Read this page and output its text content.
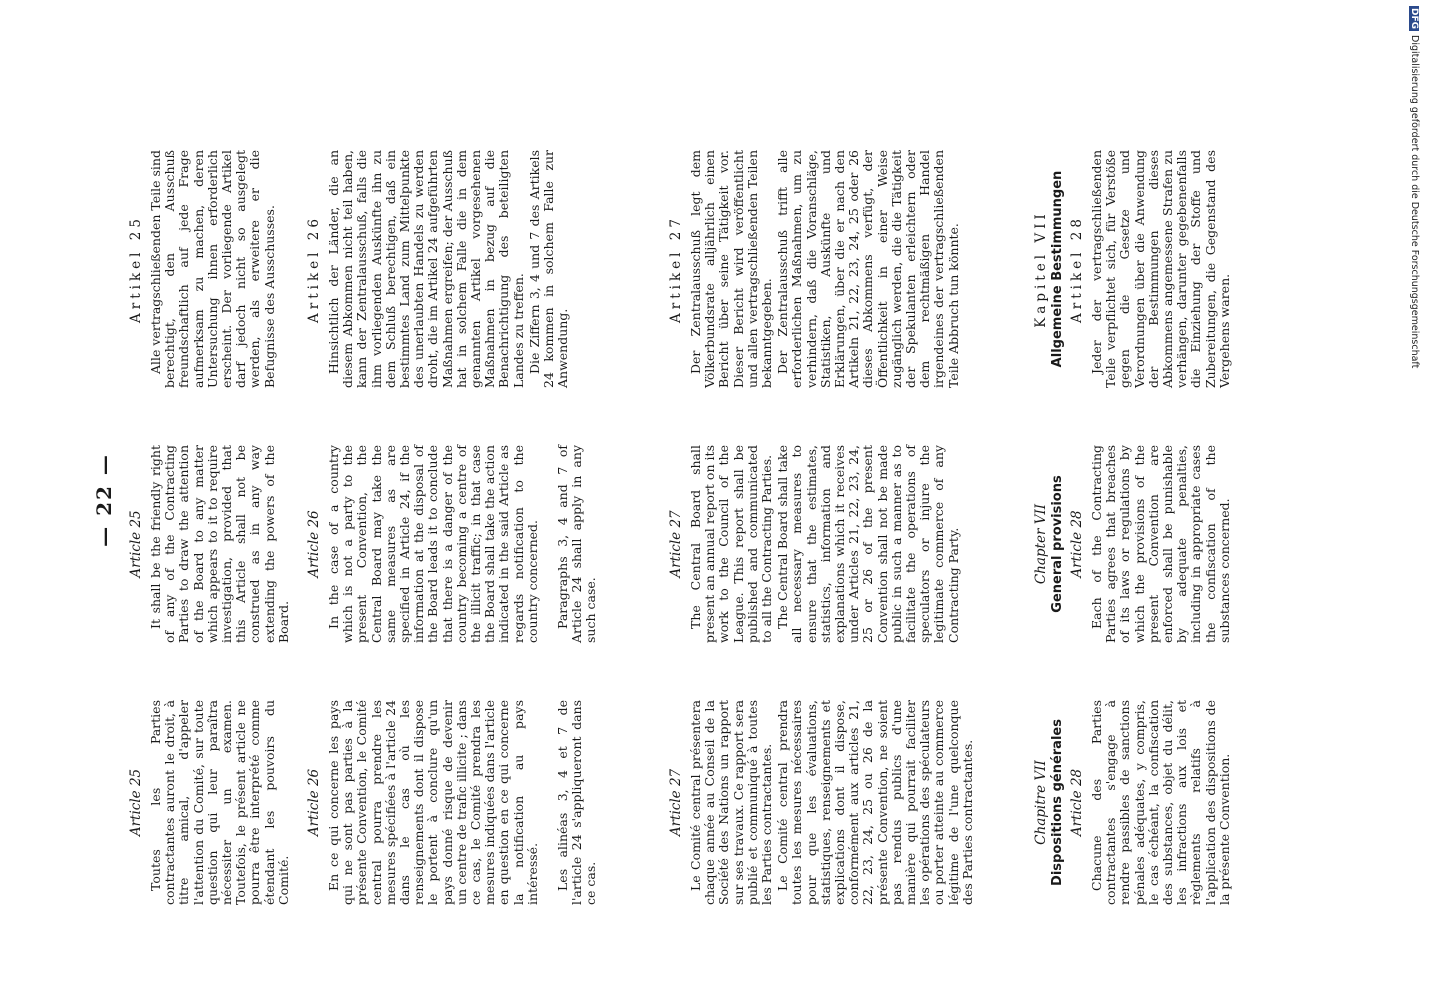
— 22 —
Article 25 Toutes les Parties contractantes auront le droit, à titre amical, d'appeler l'attention du Comité, sur toute question qui leur paraîtra nécessiter un examen. Toutefois, le présent article ne pourra être interprété comme étendant les pouvoirs du Comité.

Article 26 En ce qui concerne les pays qui ne sont pas parties à la présente Convention, le Comité central pourra prendre les mesures spécifiées à l'article 24 dans le cas où les renseignements dont il dispose le portent à conclure qu'un pays donné risque de devenir un centre de trafic illicite ; dans ce cas, le Comité prendra les mesures indiquées dans l'article en question en ce qui concerne la notification au pays intéressé. Les alinéas 3, 4 et 7 de l'article 24 s'appliqueront dans ce cas.

Article 27 Le Comité central présentera chaque année au Conseil de la Société des Nations un rapport sur ses travaux. Ce rapport sera publié et communiqué à toutes les Parties contractantes. Le Comité central prendra toutes les mesures nécessaires pour que les évaluations, statistiques, renseignements et explications dont il dispose, conformément aux articles 21, 22, 23, 24, 25 ou 26 de la présente Convention, ne soient pas rendus publics d'une manière qui pourrait faciliter les opérations des spéculateurs ou porter atteinte au commerce légitime de l'une quelconque des Parties contractantes.	Chapitre VII Dispositions générales Article 28 Chacune des Parties contractantes s'engage à rendre passibles de sanctions pénales adéquates, y compris, le cas échéant, la confiscation des substances, objet du délit, les infractions aux lois et règlements relatifs à l'application des dispositions de la présente Convention.

Article 25 It shall be the friendly right of any of the Contracting Parties to draw the attention of the Board to any matter which appears to it to require investigation, provided that this Article shall not be construed as in any way extending the powers of the Board.

Article 26 In the case of a country which is not a party to the present Convention, the Central Board may take the same measures as are specified in Article 24, if the information at the disposal of the Board leads it to conclude that there is a danger of the country becoming a centre of the illicit traffic; in that case the Board shall take the action indicated in the said Article as regards notification to the country concerned. Paragraphs 3, 4 and 7 of Article 24 shall apply in any such case.

Article 27 The Central Board shall present an annual report on its work to the Council of the League. This report shall be published and communicated to all the Contracting Parties. The Central Board shall take all necessary measures to ensure that the estimates, statistics, information and explanations which it receives under Articles 21, 22, 23, 24, 25 or 26 of the present Convention shall not be made public in such a manner as to facilitate the operations of speculators or injure the legitimate commerce of any Contracting Party.	Chapter VII General provisions Article 28 Each of the Contracting Parties agrees that breaches of its laws or regulations by which the provisions of the present Convention are enforced shall be punishable by adequate penalties, including in appropriate cases the confiscation of the substances concerned.

Artikel 25 Alle vertragschließenden Teile sind berechtigt, den Ausschuß freundschaftlich auf jede Frage aufmerksam zu machen, deren Untersuchung ihnen erforderlich erscheint. Der vorliegende Artikel darf jedoch nicht so ausgelegt werden, als erweitere er die Befugnisse des Ausschusses. Artikel 26 Hinsichtlich der Länder, die an diesem Abkommen nicht teil haben, kann der Zentralausschuß, falls die ihm vorliegenden Auskünfte ihn zu dem Schluß berechtigen, daß ein bestimmtes Land zum Mittelpunkte des unerlaubten Handels zu werden droht, die im Artikel 24 aufgeführten Maßnahmen ergreifen; der Ausschuß hat in solchem Falle die in dem genannten Artikel vorgesehenen Maßnahmen in bezug auf die Benachrichtigung des beteiligten Landes zu treffen. Die Ziffern 3, 4 und 7 des Artikels 24 kommen in solchem Falle zur Anwendung.

Artikel 27 Der Zentralausschuß legt dem Völkerbundsrate alljährlich einen Bericht über seine Tätigkeit vor. Dieser Bericht wird veröffentlicht und allen vertragschließenden Teilen bekanntgegeben. Der Zentralausschuß trifft alle erforderlichen Maßnahmen, um zu verhindern, daß die Voranschläge, Statistiken, Auskünfte und Erklärungen, über die er nach den Artikeln 21, 22, 23, 24, 25 oder 26 dieses Abkommens verfügt, der Öffentlichkeit in einer Weise zugänglich werden, die die Tätigkeit der Spekulanten erleichtern oder dem rechtmäßigen Handel irgendeines der vertragschließenden Teile Abbruch tun könnte.	Kapitel VII Allgemeine Bestimmungen Artikel 28 Jeder der vertragschließenden Teile verpflichtet sich, für Verstöße gegen die Gesetze und Verordnungen über die Anwendung der Bestimmungen dieses Abkommens angemessene Strafen zu verhängen, darunter gegebenenfalls die Einziehung der Stoffe und Zubereitungen, die Gegenstand des Vergehens waren.

DFGDigitalisierung gefördert durch die Deutsche Forschungsgemeinschaft
